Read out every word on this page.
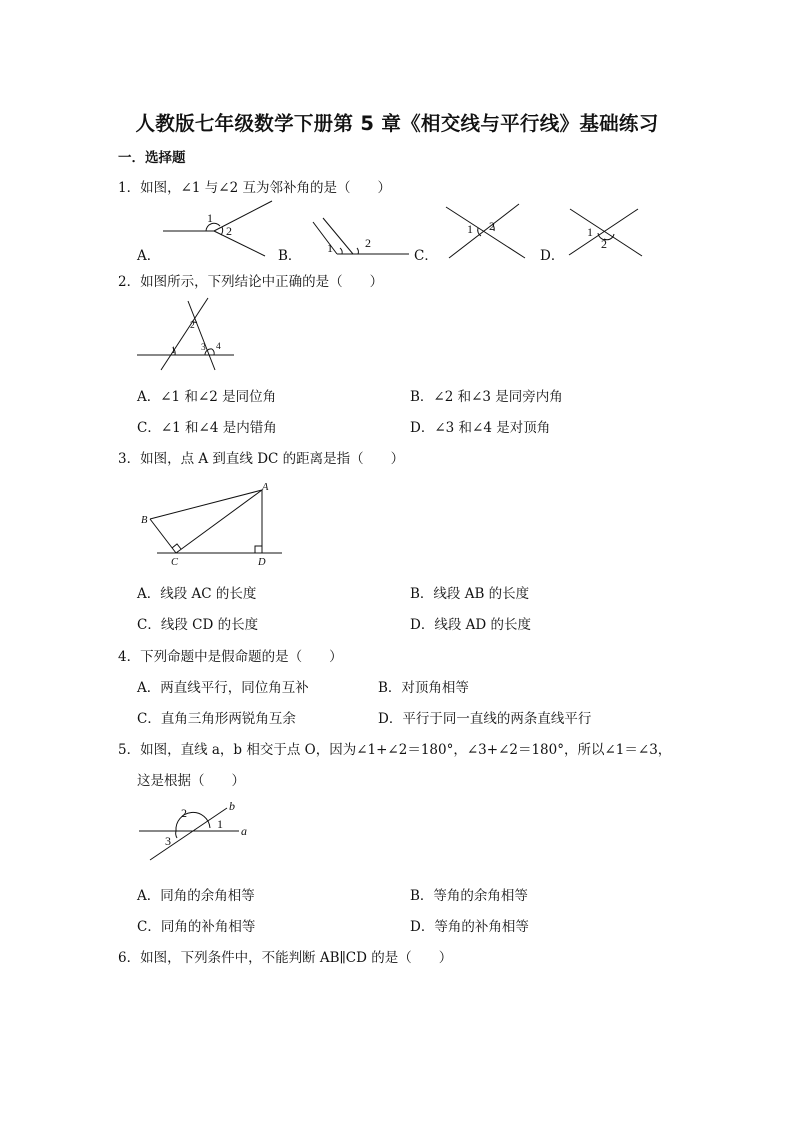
人教版七年级数学下册第 5 章《相交线与平行线》基础练习
一．选择题
1．如图，∠1 与∠2 互为邻补角的是（　　）
A．	B．	C．	D．
1
2
1	2
1 2	1
2
2．如图所示，下列结论中正确的是（　　）
1
2
3 4
A．∠1 和∠2 是同位角	B．∠2 和∠3 是同旁内角
C．∠1 和∠4 是内错角	D．∠3 和∠4 是对顶角
3．如图，点 A 到直线 DC 的距离是指（　　）
A
B
C	D
A．线段 AC 的长度	B．线段 AB 的长度
C．线段 CD 的长度	D．线段 AD 的长度
4．下列命题中是假命题的是（　　）
A．两直线平行，同位角互补	B．对顶角相等
C．直角三角形两锐角互余	D．平行于同一直线的两条直线平行
5．如图，直线 a，b 相交于点 O，因为∠1+∠2＝180°，∠3+∠2＝180°，所以∠1＝∠3，
这是根据（　　）
1
2
3
a
b
A．同角的余角相等	B．等角的余角相等
C．同角的补角相等	D．等角的补角相等
6．如图，下列条件中，不能判断 AB∥CD 的是（　　）
